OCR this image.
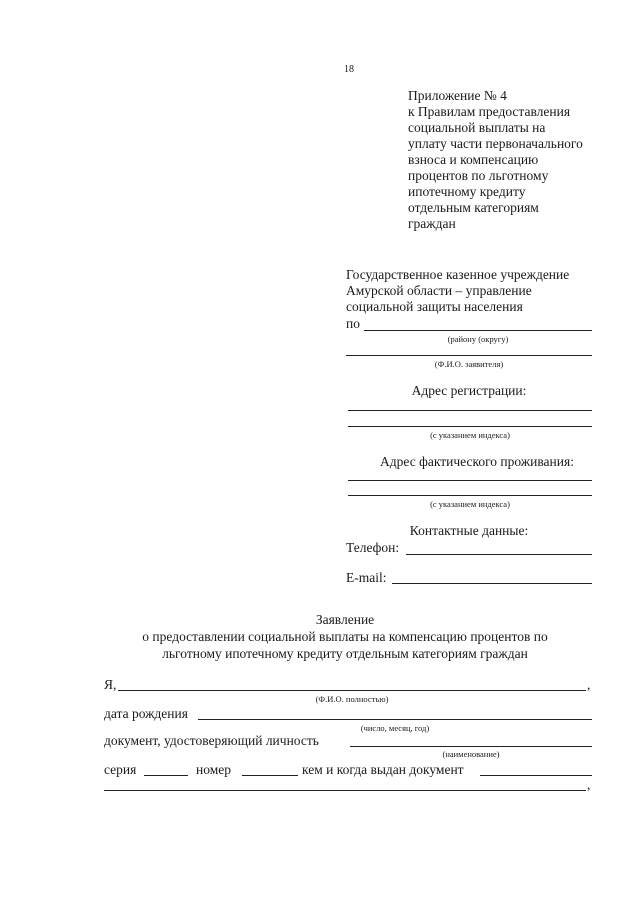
18
Приложение № 4
к Правилам предоставления
социальной выплаты на
уплату части первоначального
взноса и компенсацию
процентов по льготному
ипотечному кредиту
отдельным категориям
граждан
Государственное казенное учреждение
Амурской области – управление
социальной защиты населения
по
(району (округу)
(Ф.И.О. заявителя)
Адрес регистрации:
(с указанием индекса)
Адрес фактического проживания:
(с указанием индекса)
Контактные данные:
Телефон:
E-mail:
Заявление
о предоставлении социальной выплаты на компенсацию процентов по
льготному ипотечному кредиту отдельным категориям граждан
Я,	,
(Ф.И.О. полностью)
дата рождения
(число, месяц, год)
документ, удостоверяющий личность
(наименование)
серия	номер	кем и когда выдан документ
,
